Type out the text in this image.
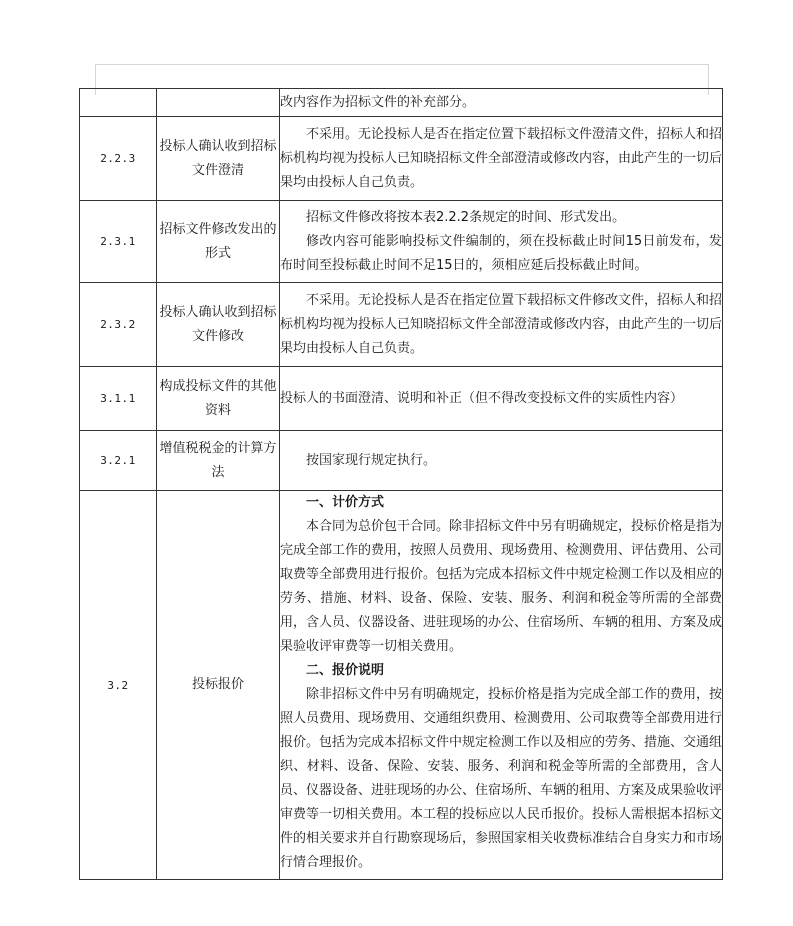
		改内容作为招标文件的补充部分。

2.2.3	投标人确认收到招标文件澄清	不采用。无论投标人是否在指定位置下载招标文件澄清文件，招标人和招标机构均视为投标人已知晓招标文件全部澄清或修改内容，由此产生的一切后果均由投标人自己负责。

2.3.1	招标文件修改发出的形式	招标文件修改将按本表2.2.2条规定的时间、形式发出。

修改内容可能影响投标文件编制的，须在投标截止时间15日前发布，发布时间至投标截止时间不足15日的，须相应延后投标截止时间。

2.3.2	投标人确认收到招标文件修改	不采用。无论投标人是否在指定位置下载招标文件修改文件，招标人和招标机构均视为投标人已知晓招标文件全部澄清或修改内容，由此产生的一切后果均由投标人自己负责。

3.1.1	构成投标文件的其他资料	投标人的书面澄清、说明和补正（但不得改变投标文件的实质性内容）

3.2.1	增值税税金的计算方法	按国家现行规定执行。

3.2	投标报价	一、计价方式

本合同为总价包干合同。除非招标文件中另有明确规定，投标价格是指为完成全部工作的费用，按照人员费用、现场费用、检测费用、评估费用、公司取费等全部费用进行报价。包括为完成本招标文件中规定检测工作以及相应的劳务、措施、材料、设备、保险、安装、服务、利润和税金等所需的全部费用，含人员、仪器设备、进驻现场的办公、住宿场所、车辆的租用、方案及成果验收评审费等一切相关费用。

二、报价说明

除非招标文件中另有明确规定，投标价格是指为完成全部工作的费用，按照人员费用、现场费用、交通组织费用、检测费用、公司取费等全部费用进行报价。包括为完成本招标文件中规定检测工作以及相应的劳务、措施、交通组织、材料、设备、保险、安装、服务、利润和税金等所需的全部费用，含人员、仪器设备、进驻现场的办公、住宿场所、车辆的租用、方案及成果验收评审费等一切相关费用。本工程的投标应以人民币报价。投标人需根据本招标文件的相关要求并自行勘察现场后，参照国家相关收费标准结合自身实力和市场行情合理报价。
